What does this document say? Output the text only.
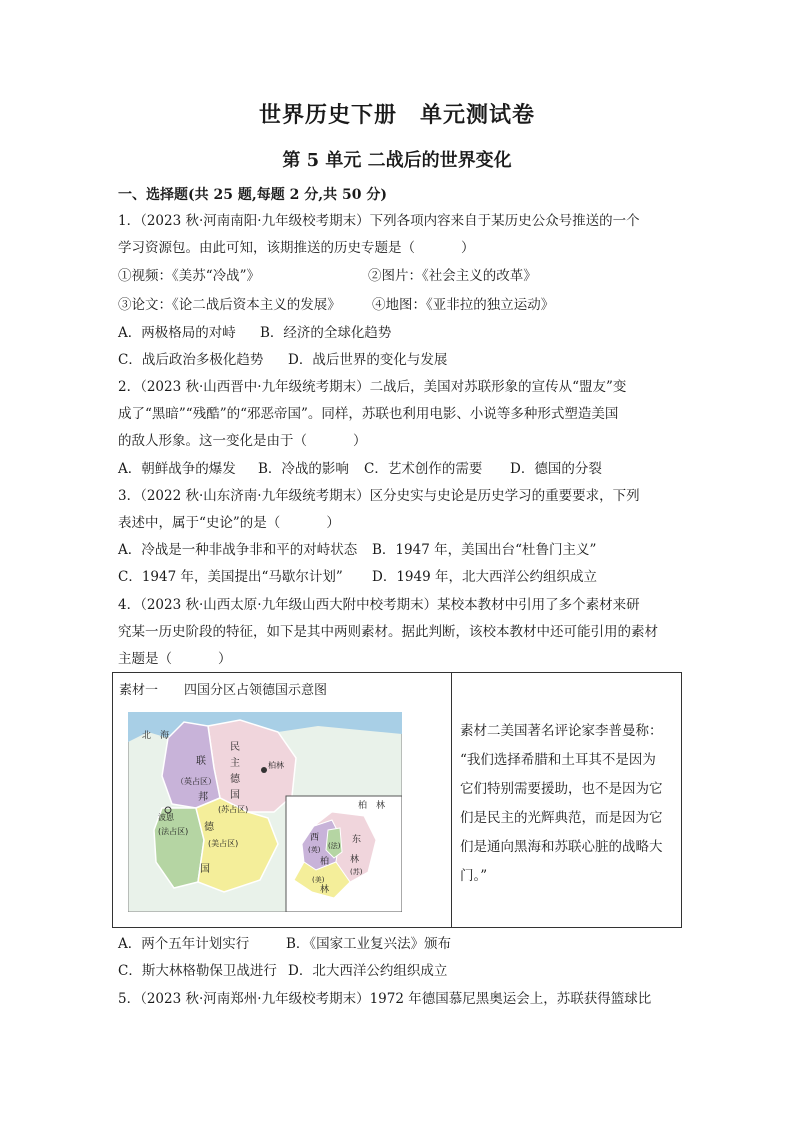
世界历史下册　单元测试卷
第 5 单元 二战后的世界变化
一、选择题(共 25 题,每题 2 分,共 50 分)
1．（2023 秋·河南南阳·九年级校考期末）下列各项内容来自于某历史公众号推送的一个
学习资源包。由此可知，该期推送的历史专题是（	）
①视频：《美苏“冷战”》	②图片：《社会主义的改革》
③论文：《论二战后资本主义的发展》 ④地图：《亚非拉的独立运动》
A．两极格局的对峙 B．经济的全球化趋势
C．战后政治多极化趋势 D．战后世界的变化与发展
2．（2023 秋·山西晋中·九年级统考期末）二战后，美国对苏联形象的宣传从“盟友”变
成了“黑暗”“残酷”的“邪恶帝国”。同样，苏联也利用电影、小说等多种形式塑造美国
的敌人形象。这一变化是由于（	）
A．朝鲜战争的爆发 B．冷战的影响 C．艺术创作的需要 D．德国的分裂
3．（2022 秋·山东济南·九年级统考期末）区分史实与史论是历史学习的重要要求，下列
表述中，属于“史论”的是（	）
A．冷战是一种非战争非和平的对峙状态 B．1947 年，美国出台“杜鲁门主义”
C．1947 年，美国提出“马歇尔计划” D．1949 年，北大西洋公约组织成立
4．（2023 秋·山西太原·九年级山西大附中校考期末）某校本教材中引用了多个素材来研
究某一历史阶段的特征，如下是其中两则素材。据此判断，该校本教材中还可能引用的素材
主题是（	）
素材一　　四国分区占领德国示意图

素材二美国著名评论家李普曼称：
“我们选择希腊和土耳其不是因为
它们特别需要援助，也不是因为它
们是民主的光辉典范，而是因为它
们是通向黑海和苏联心脏的战略大
门。”
北　海
联
（英占区）
邦
波恩
(法占区) 德
(美占区)
国
民
主
德
国
(苏占区)
柏林
柏　林
西
(英) (法)
柏
(美)
林
东
林
(苏)
A．两个五年计划实行	B．《国家工业复兴法》颁布
C．斯大林格勒保卫战进行 D．北大西洋公约组织成立
5．（2023 秋·河南郑州·九年级校考期末）1972 年德国慕尼黑奥运会上，苏联获得篮球比
